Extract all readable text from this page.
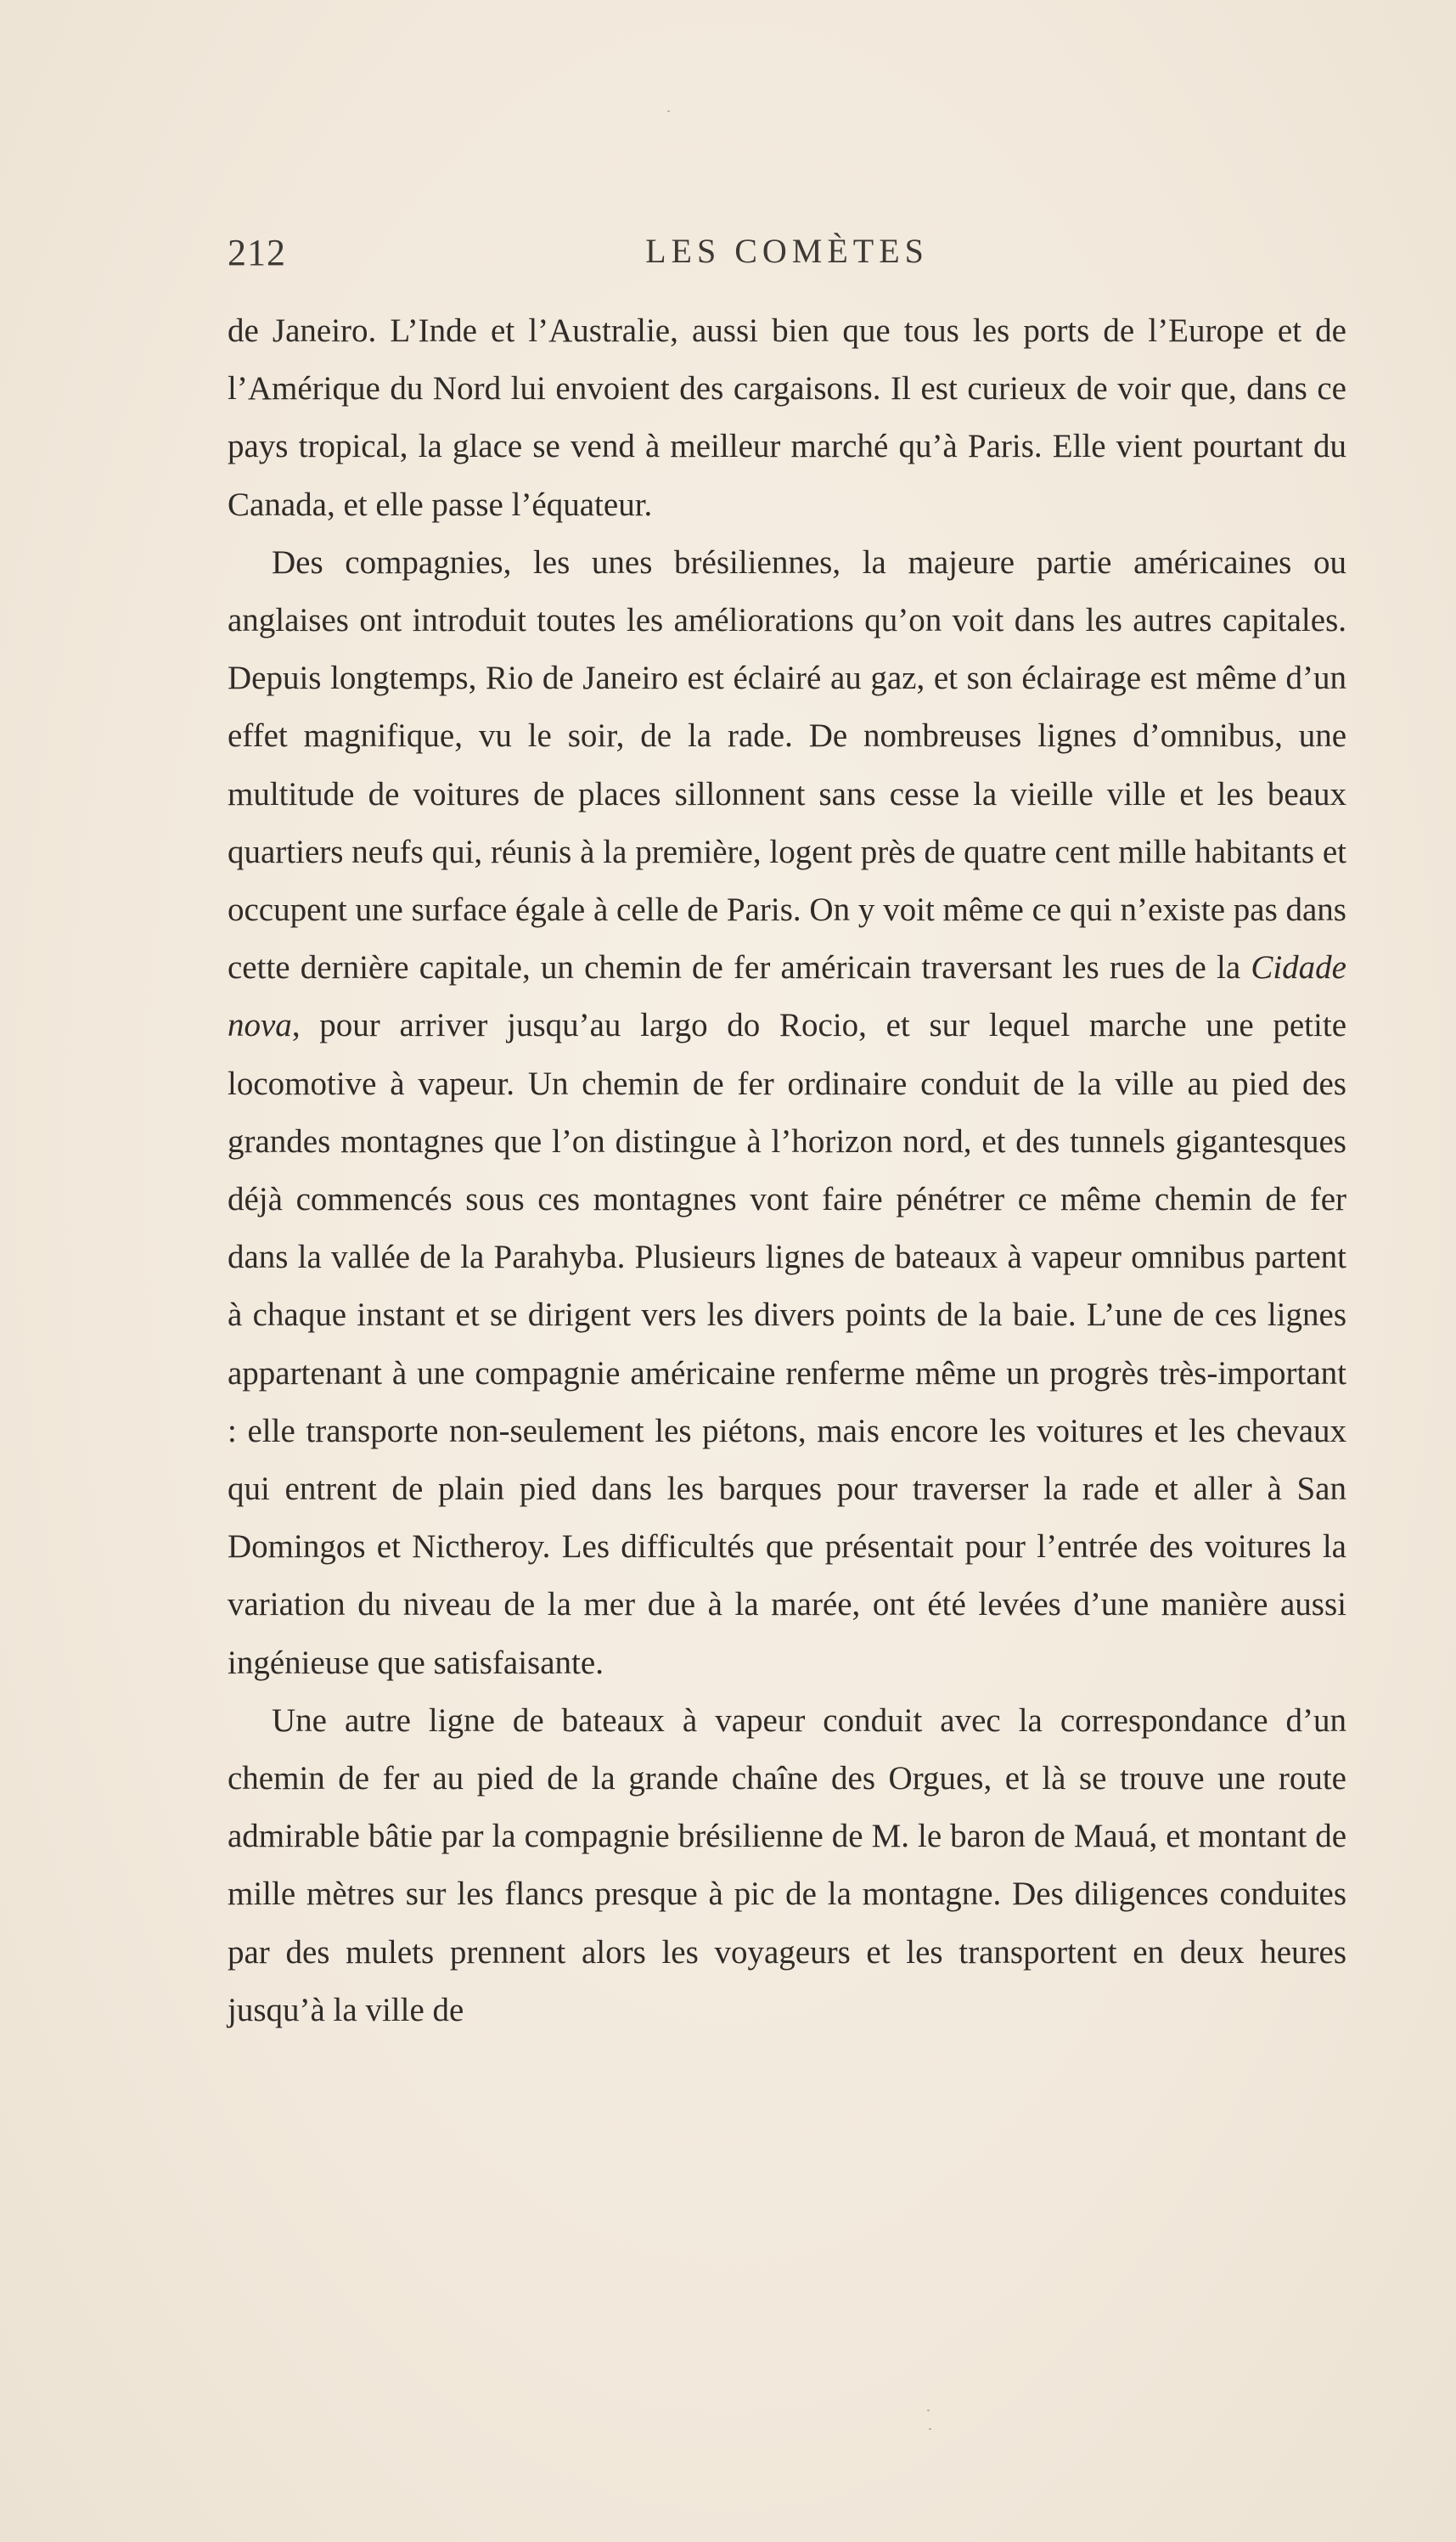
212	LES COMÈTES

de Janeiro. L’Inde et l’Australie, aussi bien que tous les ports de l’Europe et de l’Amérique du Nord lui envoient des cargaisons. Il est curieux de voir que, dans ce pays tropical, la glace se vend à meilleur marché qu’à Paris. Elle vient pourtant du Canada, et elle passe l’équateur.

Des compagnies, les unes brésiliennes, la majeure partie américaines ou anglaises ont introduit toutes les améliorations qu’on voit dans les autres capitales. Depuis longtemps, Rio de Janeiro est éclairé au gaz, et son éclairage est même d’un effet magnifique, vu le soir, de la rade. De nombreuses lignes d’omnibus, une multitude de voitures de places sillonnent sans cesse la vieille ville et les beaux quartiers neufs qui, réunis à la première, logent près de quatre cent mille habitants et occupent une surface égale à celle de Paris. On y voit même ce qui n’existe pas dans cette dernière capitale, un chemin de fer américain traversant les rues de la Cidade nova, pour arriver jusqu’au largo do Rocio, et sur lequel marche une petite locomotive à vapeur. Un chemin de fer ordinaire conduit de la ville au pied des grandes montagnes que l’on distingue à l’horizon nord, et des tunnels gigantesques déjà commencés sous ces montagnes vont faire pénétrer ce même chemin de fer dans la vallée de la Parahyba. Plusieurs lignes de bateaux à vapeur omnibus partent à chaque instant et se dirigent vers les divers points de la baie. L’une de ces lignes appartenant à une compagnie américaine renferme même un progrès très-important : elle transporte non-seulement les piétons, mais encore les voitures et les chevaux qui entrent de plain pied dans les barques pour traverser la rade et aller à San Domingos et Nictheroy. Les difficultés que présentait pour l’entrée des voitures la variation du niveau de la mer due à la marée, ont été levées d’une manière aussi ingénieuse que satisfaisante.

Une autre ligne de bateaux à vapeur conduit avec la correspondance d’un chemin de fer au pied de la grande chaîne des Orgues, et là se trouve une route admirable bâtie par la compagnie brésilienne de M. le baron de Mauá, et montant de mille mètres sur les flancs presque à pic de la montagne. Des diligences conduites par des mulets prennent alors les voyageurs et les transportent en deux heures jusqu’à la ville de
